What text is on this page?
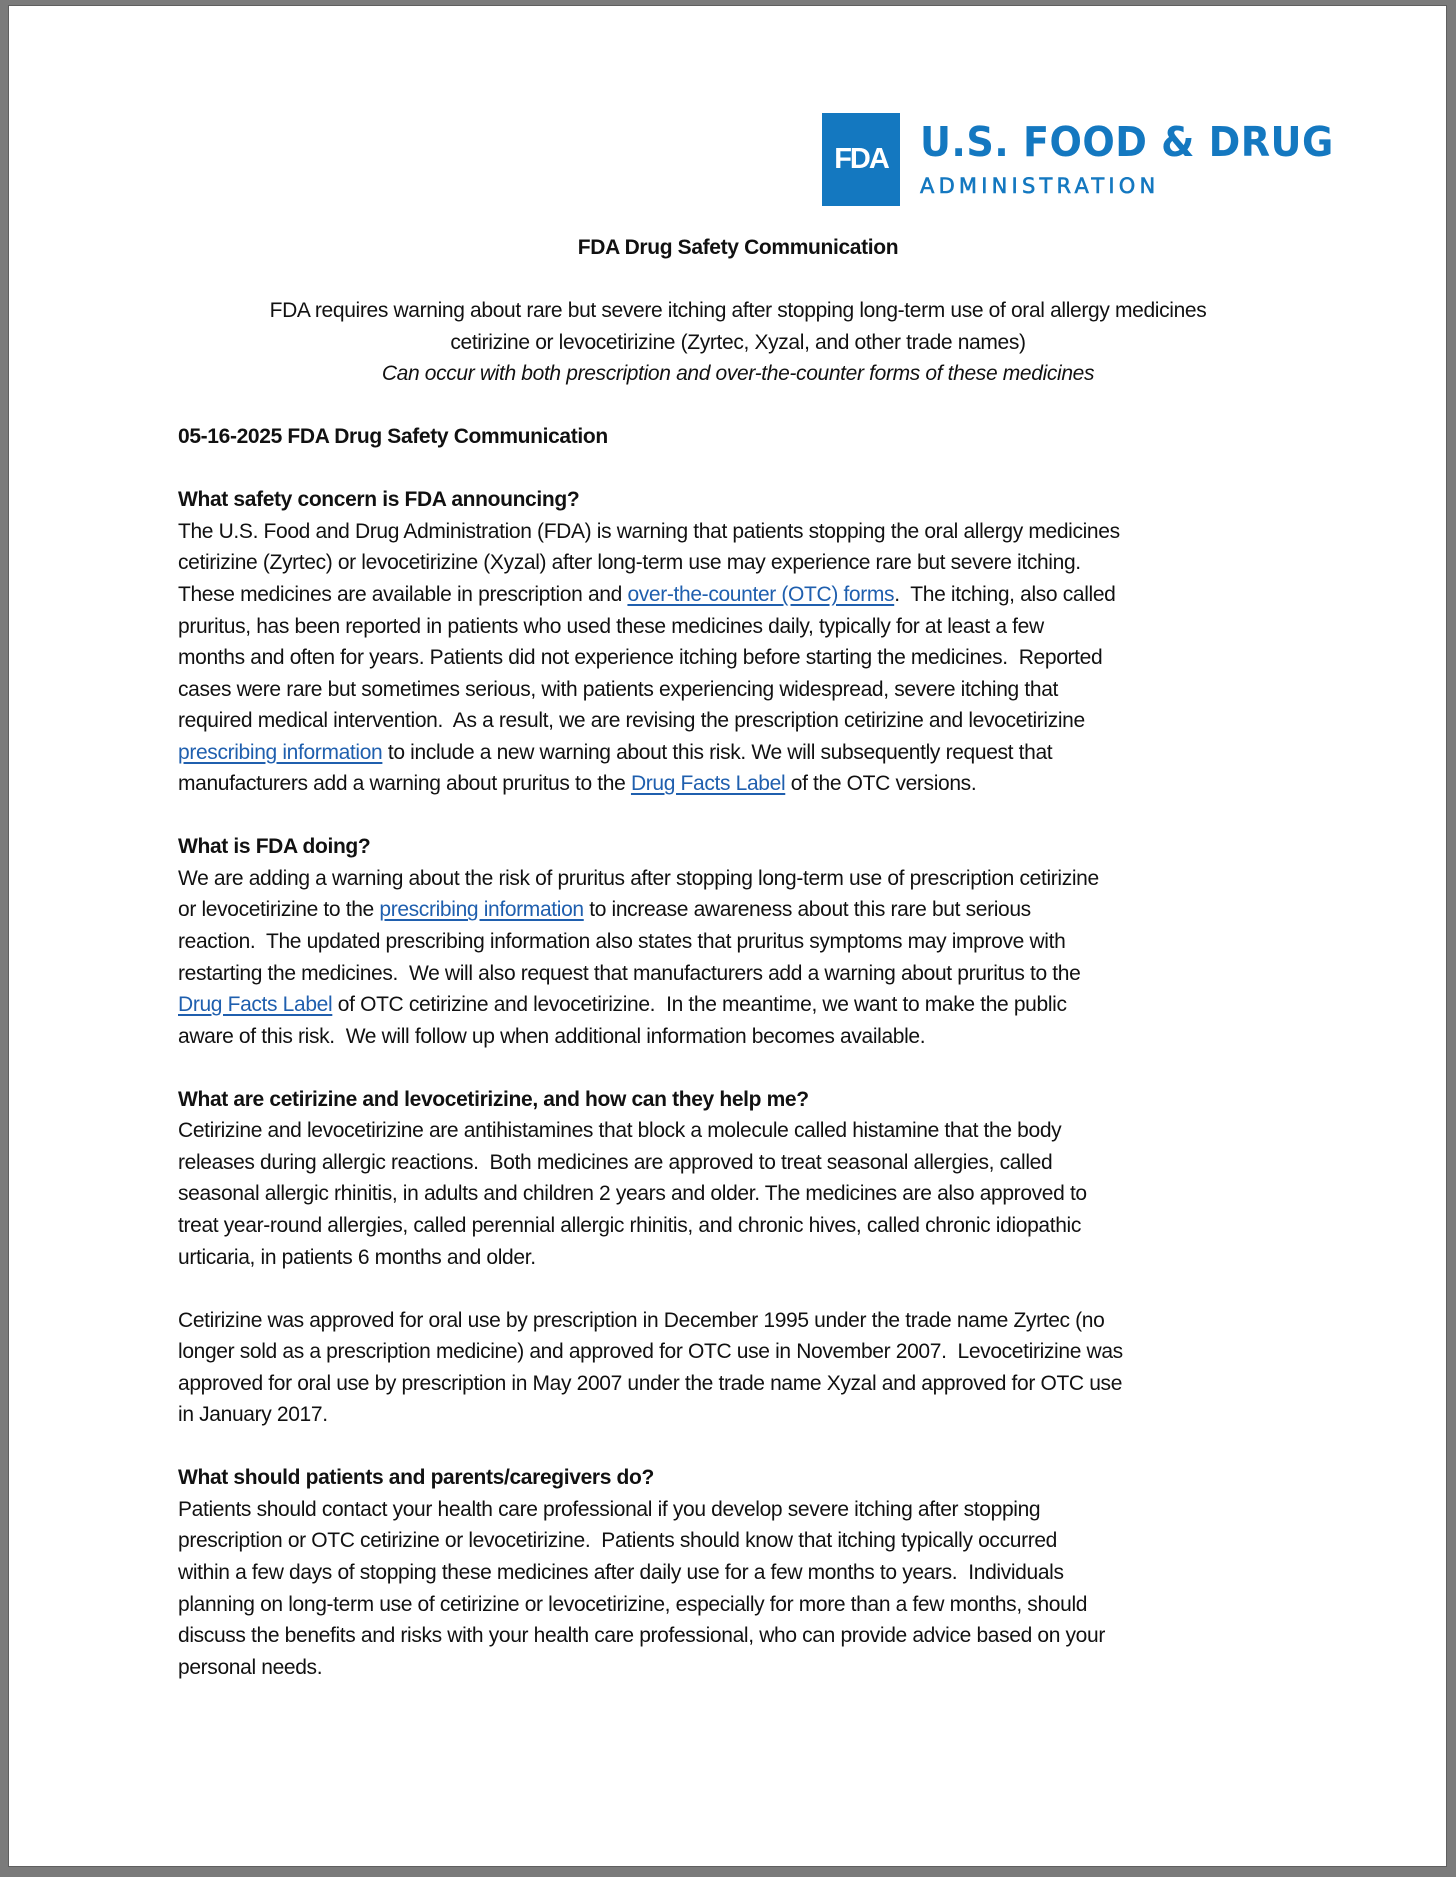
FDA U.S. FOOD & DRUG
ADMINISTRATION
FDA Drug Safety Communication
FDA requires warning about rare but severe itching after stopping long-term use of oral allergy medicines
cetirizine or levocetirizine (Zyrtec, Xyzal, and other trade names)
Can occur with both prescription and over-the-counter forms of these medicines
05-16-2025 FDA Drug Safety Communication
What safety concern is FDA announcing?
The U.S. Food and Drug Administration (FDA) is warning that patients stopping the oral allergy medicines
cetirizine (Zyrtec) or levocetirizine (Xyzal) after long-term use may experience rare but severe itching.
These medicines are available in prescription and over-the-counter (OTC) forms.  The itching, also called
pruritus, has been reported in patients who used these medicines daily, typically for at least a few
months and often for years. Patients did not experience itching before starting the medicines.  Reported
cases were rare but sometimes serious, with patients experiencing widespread, severe itching that
required medical intervention.  As a result, we are revising the prescription cetirizine and levocetirizine
prescribing information to include a new warning about this risk. We will subsequently request that
manufacturers add a warning about pruritus to the Drug Facts Label of the OTC versions.
What is FDA doing?
We are adding a warning about the risk of pruritus after stopping long-term use of prescription cetirizine
or levocetirizine to the prescribing information to increase awareness about this rare but serious
reaction.  The updated prescribing information also states that pruritus symptoms may improve with
restarting the medicines.  We will also request that manufacturers add a warning about pruritus to the
Drug Facts Label of OTC cetirizine and levocetirizine.  In the meantime, we want to make the public
aware of this risk.  We will follow up when additional information becomes available.
What are cetirizine and levocetirizine, and how can they help me?
Cetirizine and levocetirizine are antihistamines that block a molecule called histamine that the body
releases during allergic reactions.  Both medicines are approved to treat seasonal allergies, called
seasonal allergic rhinitis, in adults and children 2 years and older. The medicines are also approved to
treat year-round allergies, called perennial allergic rhinitis, and chronic hives, called chronic idiopathic
urticaria, in patients 6 months and older.
Cetirizine was approved for oral use by prescription in December 1995 under the trade name Zyrtec (no
longer sold as a prescription medicine) and approved for OTC use in November 2007.  Levocetirizine was
approved for oral use by prescription in May 2007 under the trade name Xyzal and approved for OTC use
in January 2017.
What should patients and parents/caregivers do?
Patients should contact your health care professional if you develop severe itching after stopping
prescription or OTC cetirizine or levocetirizine.  Patients should know that itching typically occurred
within a few days of stopping these medicines after daily use for a few months to years.  Individuals
planning on long-term use of cetirizine or levocetirizine, especially for more than a few months, should
discuss the benefits and risks with your health care professional, who can provide advice based on your
personal needs.
